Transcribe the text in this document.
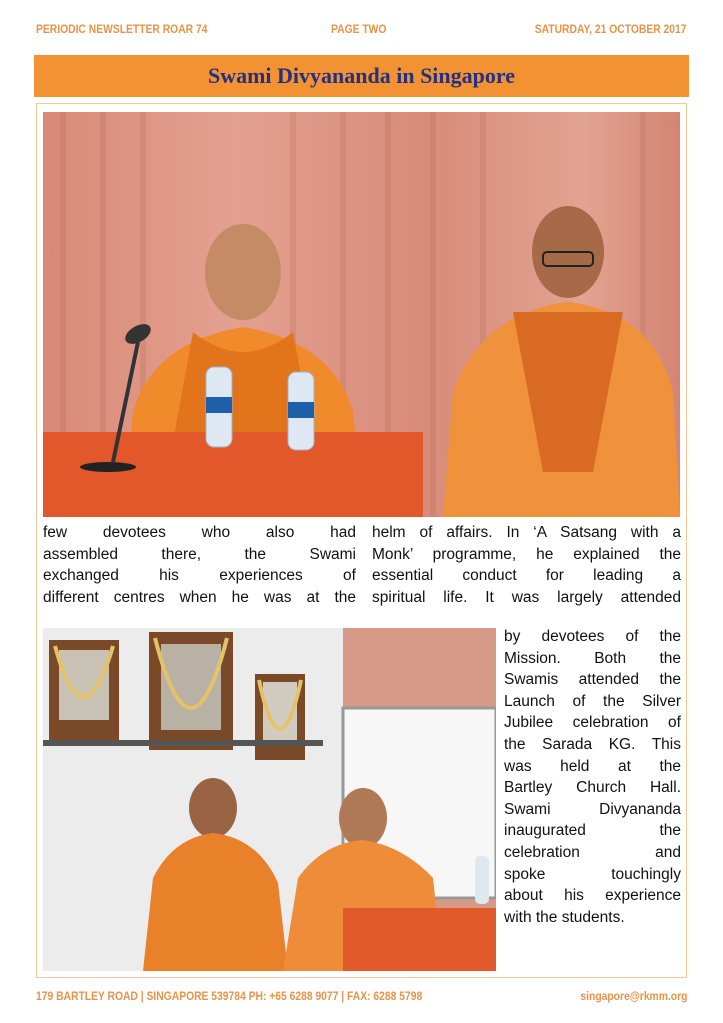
PERIODIC NEWSLETTER ROAR 74	PAGE TWO	SATURDAY, 21 OCTOBER 2017
Swami Divyananda in Singapore
few devotees who also had
assembled there, the Swami
exchanged his experiences of
different centres when he was at the
helm of affairs. In ‘A Satsang with a
Monk’ programme, he explained the
essential conduct for leading a
spiritual life. It was largely attended
by devotees of the
Mission. Both the
Swamis attended the
Launch of the Silver
Jubilee celebration of
the Sarada KG. This
was held at the
Bartley Church Hall.
Swami Divyananda
inaugurated the
celebration and
spoke touchingly
about his experience
with the students.
179 BARTLEY ROAD | SINGAPORE 539784 PH: +65 6288 9077 | FAX: 6288 5798	singapore@rkmm.org
